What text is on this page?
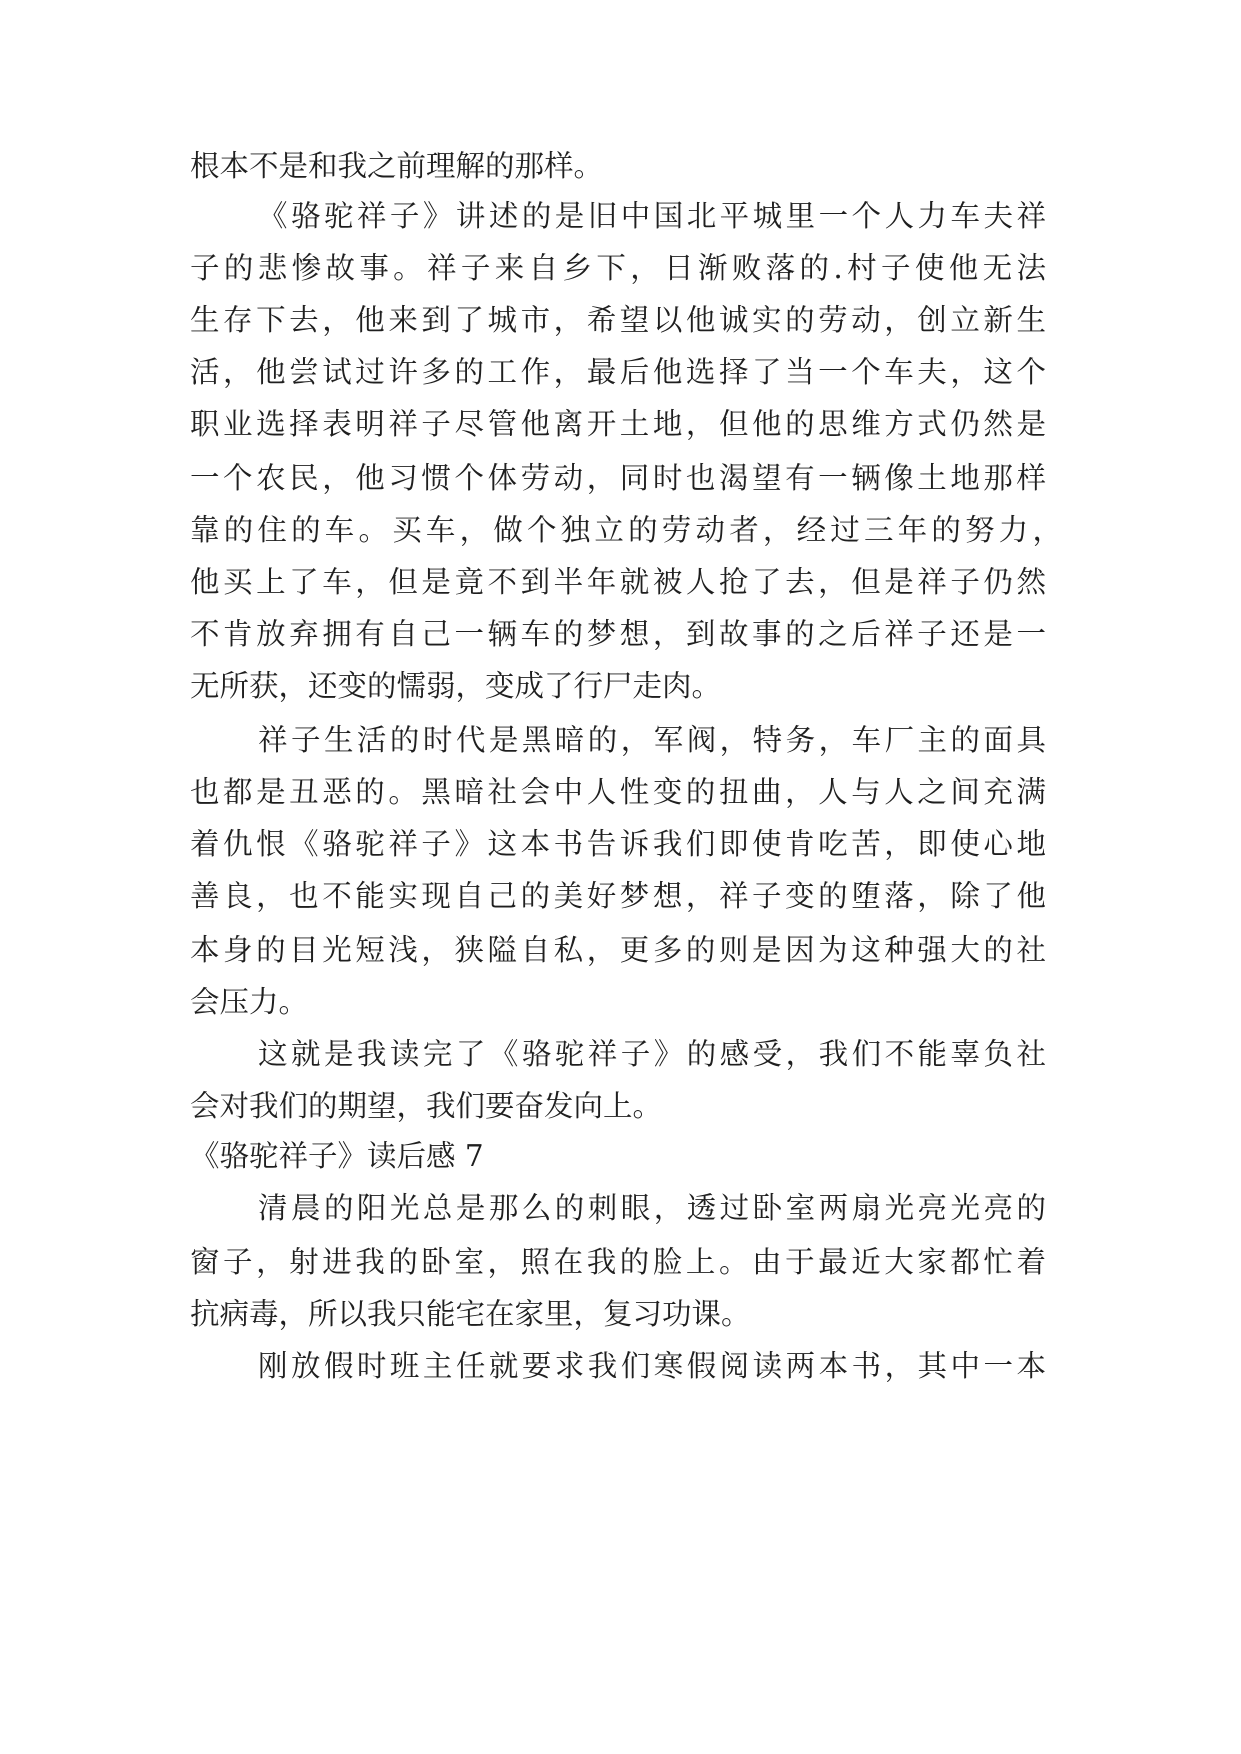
根本不是和我之前理解的那样。
《骆驼祥子》讲述的是旧中国北平城里一个人力车夫祥
子的悲惨故事。祥子来自乡下，日渐败落的.村子使他无法
生存下去，他来到了城市，希望以他诚实的劳动，创立新生
活，他尝试过许多的工作，最后他选择了当一个车夫，这个
职业选择表明祥子尽管他离开土地，但他的思维方式仍然是
一个农民，他习惯个体劳动，同时也渴望有一辆像土地那样
靠的住的车。买车，做个独立的劳动者，经过三年的努力，
他买上了车，但是竟不到半年就被人抢了去，但是祥子仍然
不肯放弃拥有自己一辆车的梦想，到故事的之后祥子还是一
无所获，还变的懦弱，变成了行尸走肉。
祥子生活的时代是黑暗的，军阀，特务，车厂主的面具
也都是丑恶的。黑暗社会中人性变的扭曲，人与人之间充满
着仇恨《骆驼祥子》这本书告诉我们即使肯吃苦，即使心地
善良，也不能实现自己的美好梦想，祥子变的堕落，除了他
本身的目光短浅，狭隘自私，更多的则是因为这种强大的社
会压力。
这就是我读完了《骆驼祥子》的感受，我们不能辜负社
会对我们的期望，我们要奋发向上。
《骆驼祥子》读后感 7
清晨的阳光总是那么的刺眼，透过卧室两扇光亮光亮的
窗子，射进我的卧室，照在我的脸上。由于最近大家都忙着
抗病毒，所以我只能宅在家里，复习功课。
刚放假时班主任就要求我们寒假阅读两本书，其中一本
